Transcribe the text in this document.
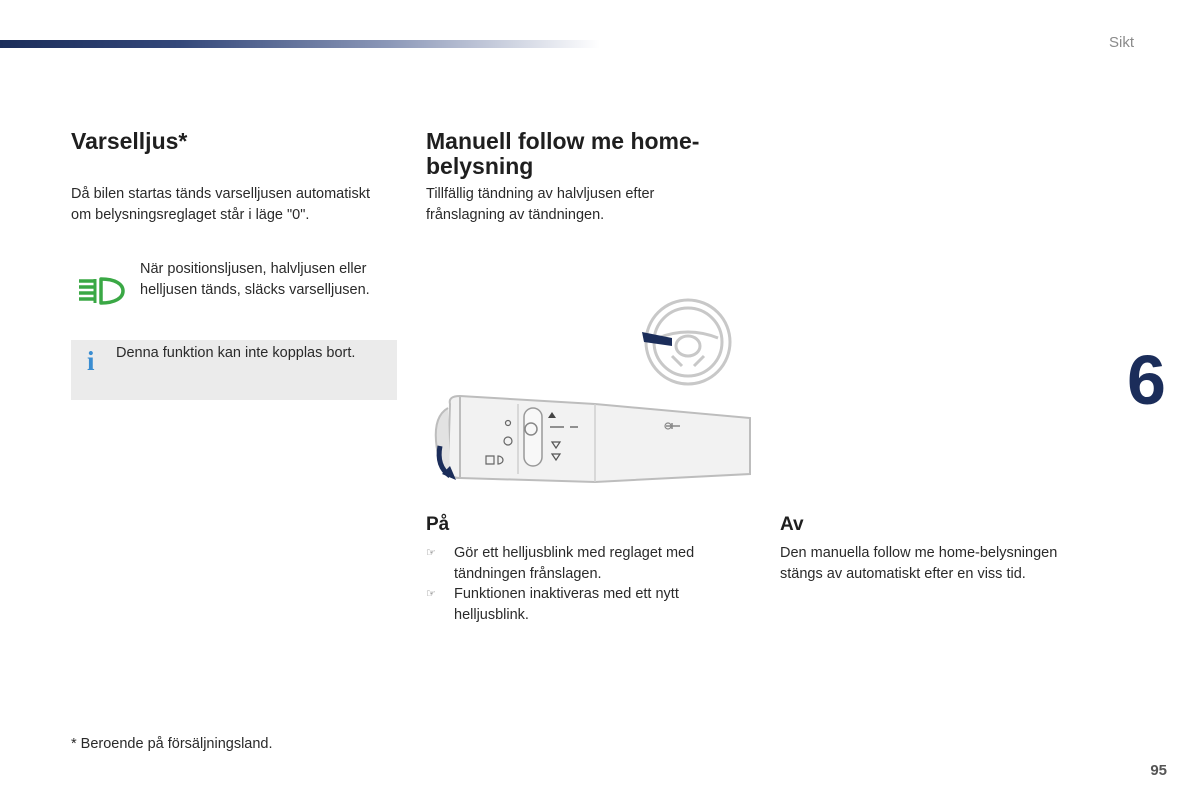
Sikt
Varselljus*

Då bilen startas tänds varselljusen automatiskt
om belysningsreglaget står i läge "0".

När positionsljusen, halvljusen eller
helljusen tänds, släcks varselljusen.

i Denna funktion kan inte kopplas bort.
Manuell follow me home-
belysning

Tillfällig tändning av halvljusen efter
frånslagning av tändningen.

På
☞ Gör ett helljusblink med reglaget med
tändningen frånslagen.
☞ Funktionen inaktiveras med ett nytt
helljusblink.
Av

Den manuella follow me home-belysningen
stängs av automatiskt efter en viss tid.

6

* Beroende på försäljningsland.

95
